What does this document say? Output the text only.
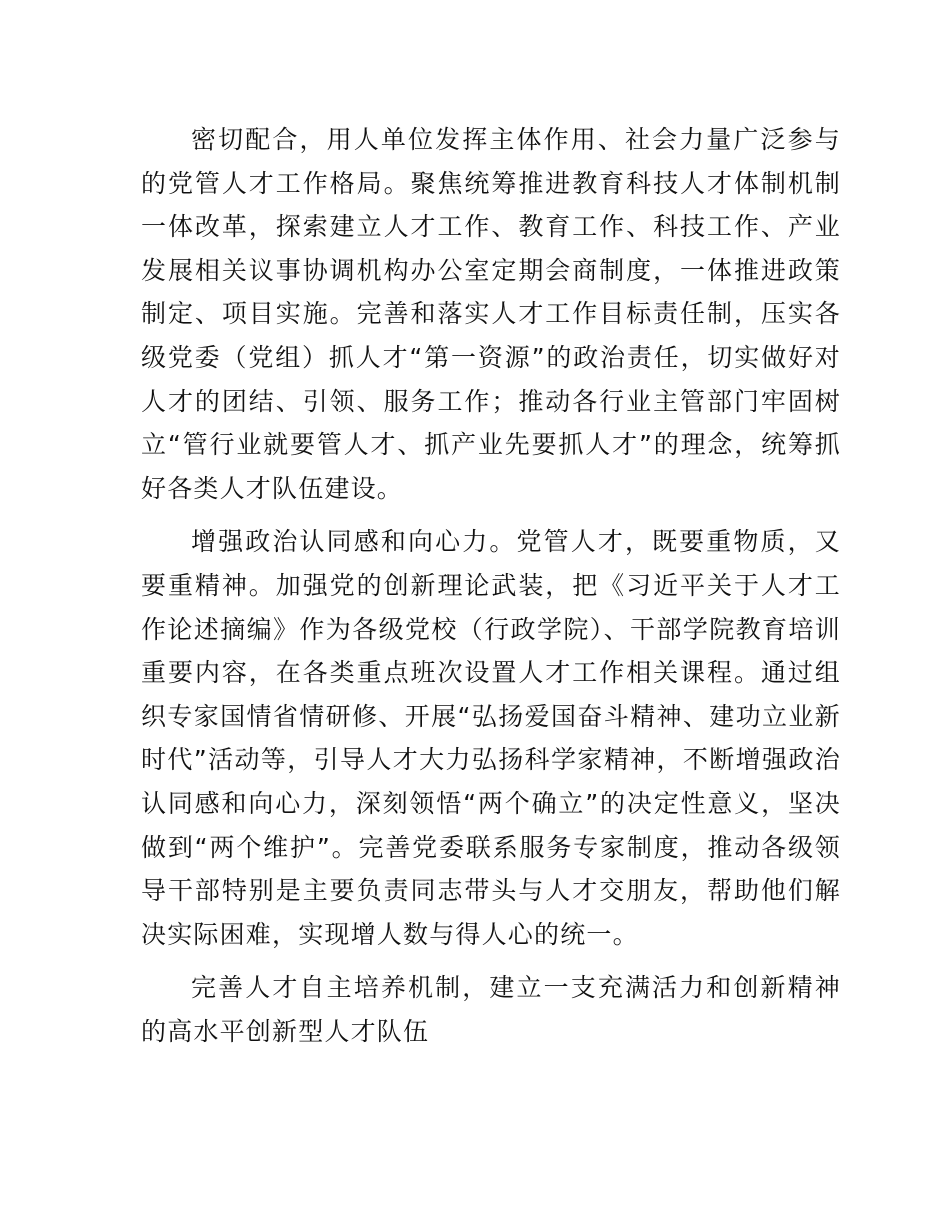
密切配合，用人单位发挥主体作用、社会力量广泛参与的党管人才工作格局。聚焦统筹推进教育科技人才体制机制一体改革，探索建立人才工作、教育工作、科技工作、产业发展相关议事协调机构办公室定期会商制度，一体推进政策制定、项目实施。完善和落实人才工作目标责任制，压实各级党委（党组）抓人才“第一资源”的政治责任，切实做好对人才的团结、引领、服务工作；推动各行业主管部门牢固树立“管行业就要管人才、抓产业先要抓人才”的理念，统筹抓好各类人才队伍建设。

增强政治认同感和向心力。党管人才，既要重物质，又要重精神。加强党的创新理论武装，把《习近平关于人才工作论述摘编》作为各级党校（行政学院）、干部学院教育培训重要内容，在各类重点班次设置人才工作相关课程。通过组织专家国情省情研修、开展“弘扬爱国奋斗精神、建功立业新时代”活动等，引导人才大力弘扬科学家精神，不断增强政治认同感和向心力，深刻领悟“两个确立”的决定性意义，坚决做到“两个维护”。完善党委联系服务专家制度，推动各级领导干部特别是主要负责同志带头与人才交朋友，帮助他们解决实际困难，实现增人数与得人心的统一。

完善人才自主培养机制，建立一支充满活力和创新精神的高水平创新型人才队伍
